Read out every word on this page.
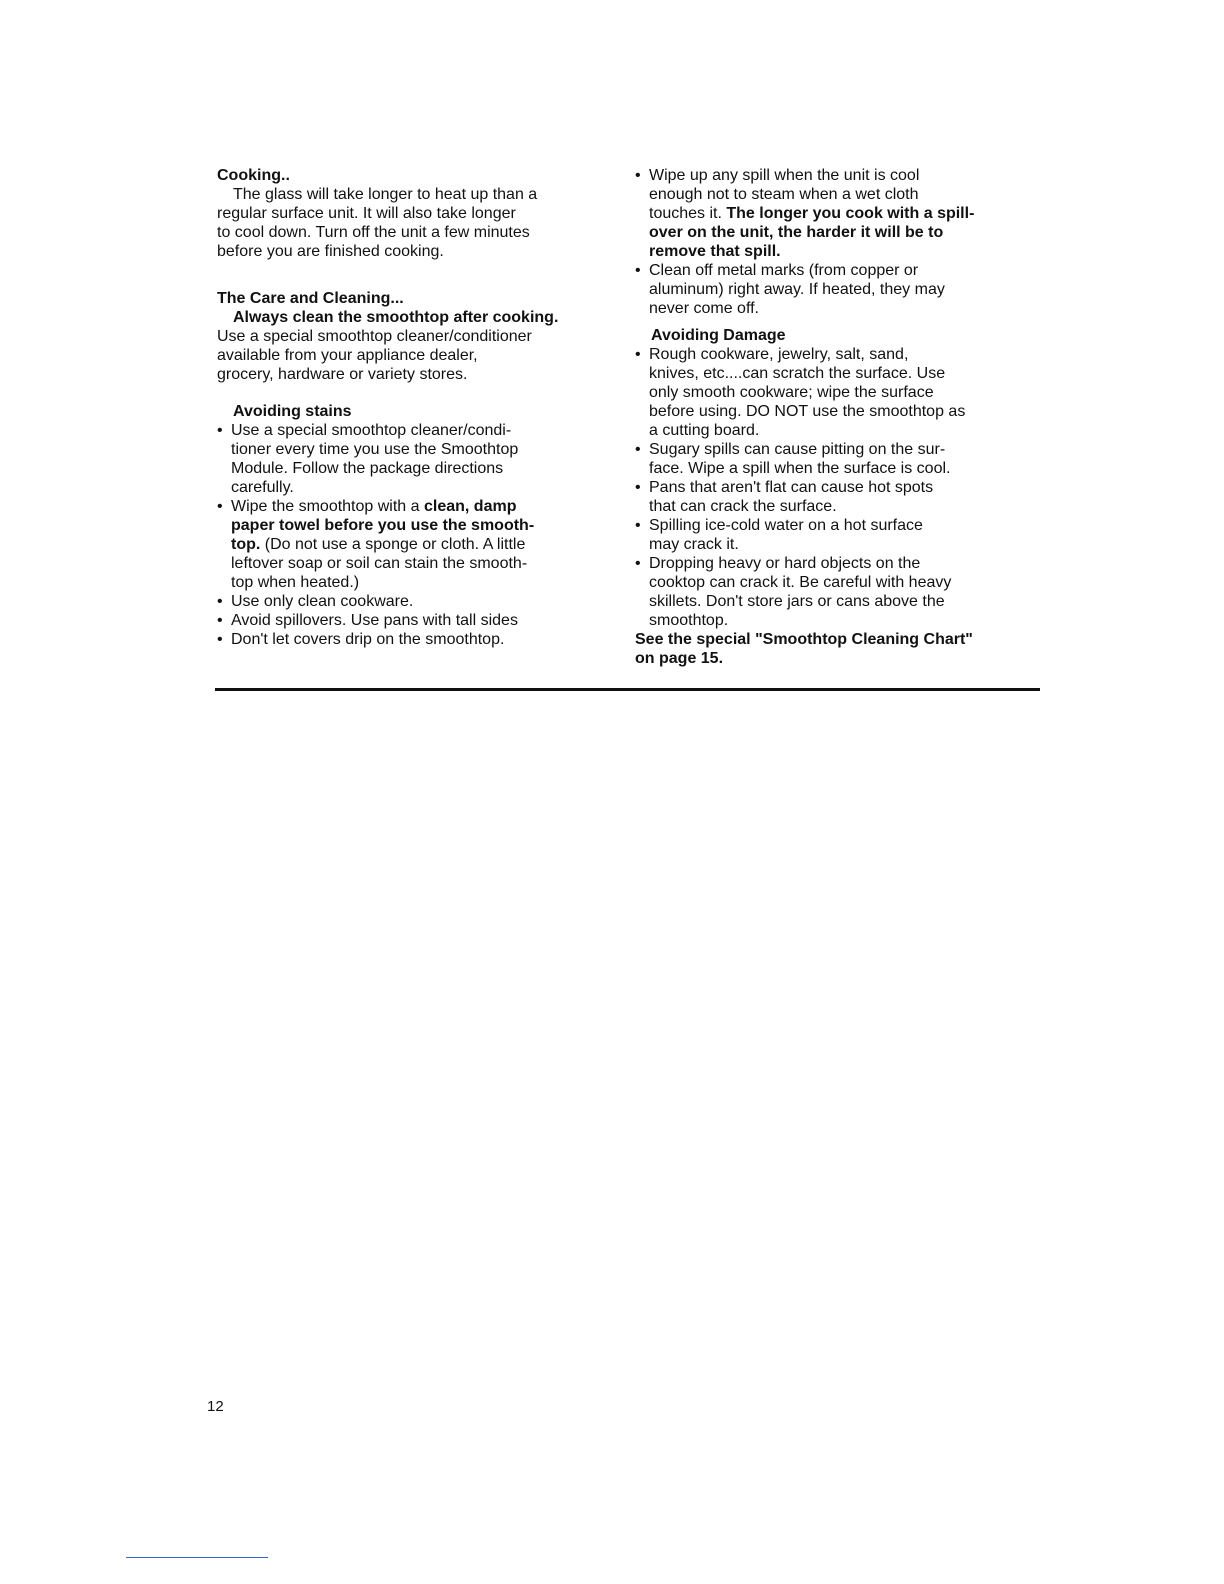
Cooking..

The glass will take longer to heat up than a

regular surface unit. It will also take longer

to cool down. Turn off the unit a few minutes

before you are finished cooking.

The Care and Cleaning...

Always clean the smoothtop after cooking.

Use a special smoothtop cleaner/conditioner

available from your appliance dealer,

grocery, hardware or variety stores.

Avoiding stains

• Use a special smoothtop cleaner/condi-
tioner every time you use the Smoothtop
Module. Follow the package directions
carefully.
• Wipe the smoothtop with a clean, damp
paper towel before you use the smooth-
top. (Do not use a sponge or cloth. A little
leftover soap or soil can stain the smooth-
top when heated.)
• Use only clean cookware.
• Avoid spillovers. Use pans with tall sides
• Don't let covers drip on the smoothtop.
• Wipe up any spill when the unit is cool
enough not to steam when a wet cloth
touches it. The longer you cook with a spill-
over on the unit, the harder it will be to
remove that spill.
• Clean off metal marks (from copper or
aluminum) right away. If heated, they may
never come off.

Avoiding Damage

• Rough cookware, jewelry, salt, sand,
knives, etc....can scratch the surface. Use
only smooth cookware; wipe the surface
before using. DO NOT use the smoothtop as
a cutting board.
• Sugary spills can cause pitting on the sur-
face. Wipe a spill when the surface is cool.
• Pans that aren't flat can cause hot spots
that can crack the surface.
• Spilling ice-cold water on a hot surface
may crack it.
• Dropping heavy or hard objects on the
cooktop can crack it. Be careful with heavy
skillets. Don't store jars or cans above the
smoothtop.

See the special "Smoothtop Cleaning Chart"

on page 15.

12
